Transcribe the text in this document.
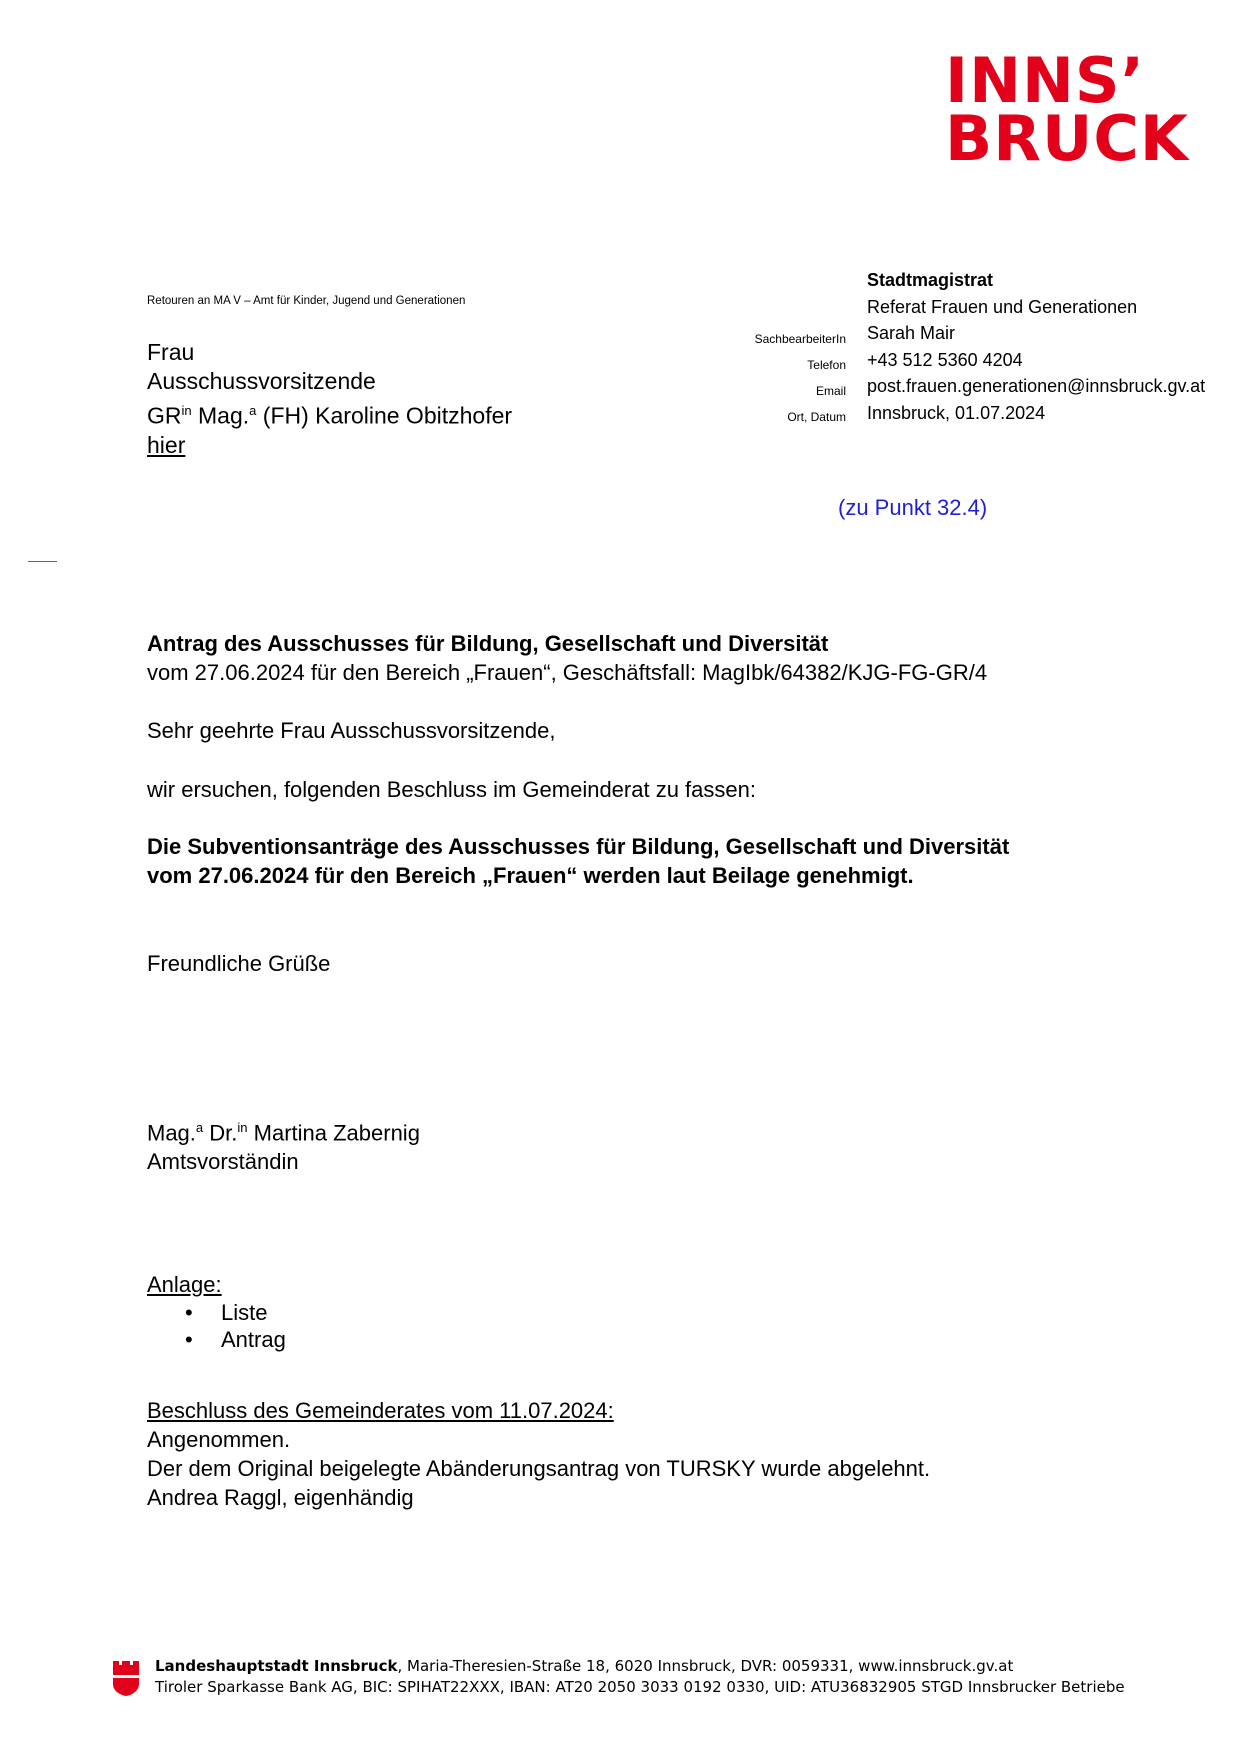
INNS’
BRUCK
Retouren an MA V – Amt für Kinder, Jugend und Generationen
Frau
Ausschussvorsitzende
$GR^{in}$ Mag.$^a$ (FH) Karoline Obitzhofer
hier
SachbearbeiterIn
Telefon
Email
Ort, Datum
Stadtmagistrat
Referat Frauen und Generationen
Sarah Mair
+43 512 5360 4204
post.frauen.generationen@innsbruck.gv.at
Innsbruck, 01.07.2024
(zu Punkt 32.4)
Antrag des Ausschusses für Bildung, Gesellschaft und Diversität
vom 27.06.2024 für den Bereich „Frauen“, Geschäftsfall: MagIbk/64382/KJG-FG-GR/4
Sehr geehrte Frau Ausschussvorsitzende,
wir ersuchen, folgenden Beschluss im Gemeinderat zu fassen:
Die Subventionsanträge des Ausschusses für Bildung, Gesellschaft und Diversität
vom 27.06.2024 für den Bereich „Frauen“ werden laut Beilage genehmigt.
Freundliche Grüße
Mag.$^a$ Dr.$^{in}$ Martina Zabernig
Amtsvorständin
Anlage:
• Liste
• Antrag
Beschluss des Gemeinderates vom 11.07.2024:
Angenommen.
Der dem Original beigelegte Abänderungsantrag von TURSKY wurde abgelehnt.
Andrea Raggl, eigenhändig
Landeshauptstadt Innsbruck, Maria-Theresien-Straße 18, 6020 Innsbruck, DVR: 0059331, www.innsbruck.gv.at
Tiroler Sparkasse Bank AG, BIC: SPIHAT22XXX, IBAN: AT20 2050 3033 0192 0330, UID: ATU36832905 STGD Innsbrucker Betriebe
